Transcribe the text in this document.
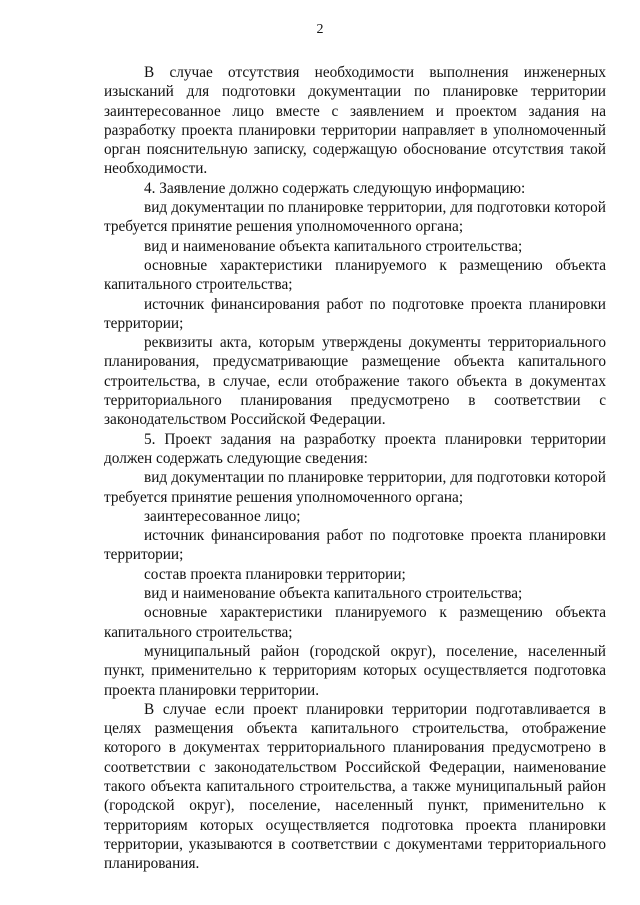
2

В случае отсутствия необходимости выполнения инженерных изысканий для подготовки документации по планировке территории заинтересованное лицо вместе с заявлением и проектом задания на разработку проекта планировки территории направляет в уполномоченный орган пояснительную записку, содержащую обоснование отсутствия такой необходимости.

4. Заявление должно содержать следующую информацию:

вид документации по планировке территории, для подготовки которой требуется принятие решения уполномоченного органа;

вид и наименование объекта капитального строительства;

основные характеристики планируемого к размещению объекта капитального строительства;

источник финансирования работ по подготовке проекта планировки территории;

реквизиты акта, которым утверждены документы территориального планирования, предусматривающие размещение объекта капитального строительства, в случае, если отображение такого объекта в документах территориального планирования предусмотрено в соответствии с законодательством Российской Федерации.

5. Проект задания на разработку проекта планировки территории должен содержать следующие сведения:

вид документации по планировке территории, для подготовки которой требуется принятие решения уполномоченного органа;

заинтересованное лицо;

источник финансирования работ по подготовке проекта планировки территории;

состав проекта планировки территории;

вид и наименование объекта капитального строительства;

основные характеристики планируемого к размещению объекта капитального строительства;

муниципальный район (городской округ), поселение, населенный пункт, применительно к территориям которых осуществляется подготовка проекта планировки территории.

В случае если проект планировки территории подготавливается в целях размещения объекта капитального строительства, отображение которого в документах территориального планирования предусмотрено в соответствии с законодательством Российской Федерации, наименование такого объекта капитального строительства, а также муниципальный район (городской округ), поселение, населенный пункт, применительно к территориям которых осуществляется подготовка проекта планировки территории, указываются в соответствии с документами территориального планирования.
